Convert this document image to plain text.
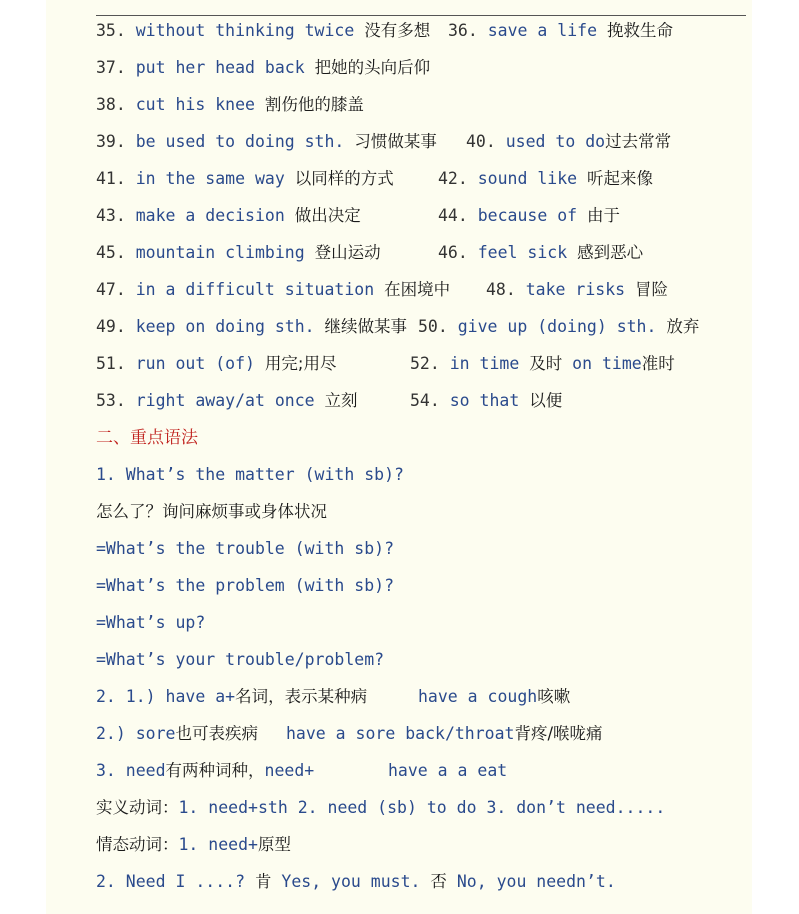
35. without thinking twice 没有多想 36. save a life 挽救生命
37. put her head back 把她的头向后仰
38. cut his knee 割伤他的膝盖
39. be used to doing sth. 习惯做某事 40. used to do过去常常
41. in the same way 以同样的方式	42. sound like 听起来像
43. make a decision 做出决定	44. because of 由于
45. mountain climbing 登山运动	46. feel sick 感到恶心
47. in a difficult situation 在困境中 48. take risks 冒险
49. keep on doing sth. 继续做某事 50. give up (doing) sth. 放弃
51. run out (of) 用完;用尽	52. in time 及时 on time准时
53. right away/at once 立刻	54. so that 以便
二、重点语法
1. What’s the matter (with sb)?
怎么了？询问麻烦事或身体状况
=What’s the trouble (with sb)?
=What’s the problem (with sb)?
=What’s up?
=What’s your trouble/problem?
2. 1.) have a+名词，表示某种病	have a cough咳嗽
2.) sore也可表疾病 have a sore back/throat背疼/喉咙痛
3. need有两种词种，need+	have a a eat
实义动词：1. need+sth 2. need (sb) to do 3. don’t need.....
情态动词：1. need+原型
2. Need I ....? 肯 Yes, you must. 否 No, you needn’t.
